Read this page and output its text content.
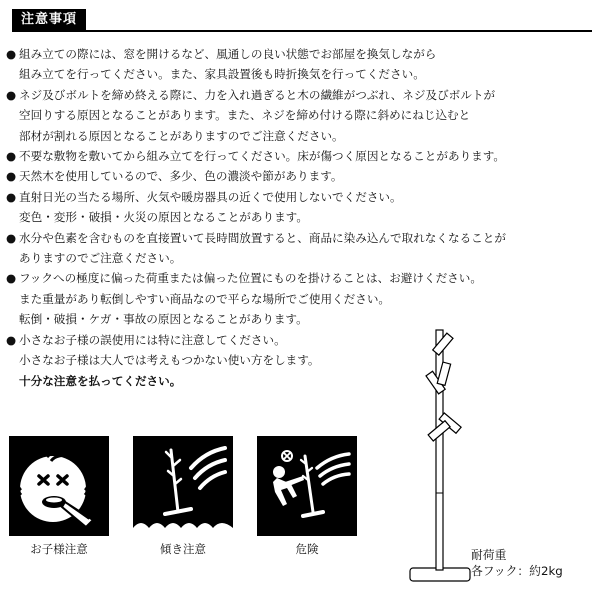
注意事項
● 組み立ての際には、窓を開けるなど、風通しの良い状態でお部屋を換気しながら
組み立てを行ってください。また、家具設置後も時折換気を行ってください。
● ネジ及びボルトを締め終える際に、力を入れ過ぎると木の繊維がつぶれ、ネジ及びボルトが
空回りする原因となることがあります。また、ネジを締め付ける際に斜めにねじ込むと
部材が割れる原因となることがありますのでご注意ください。
● 不要な敷物を敷いてから組み立てを行ってください。床が傷つく原因となることがあります。
● 天然木を使用しているので、多少、色の濃淡や節があります。
● 直射日光の当たる場所、火気や暖房器具の近くで使用しないでください。
変色・変形・破損・火災の原因となることがあります。
● 水分や色素を含むものを直接置いて長時間放置すると、商品に染み込んで取れなくなることが
ありますのでご注意ください。
● フックへの極度に偏った荷重または偏った位置にものを掛けることは、お避けください。
また重量があり転倒しやすい商品なので平らな場所でご使用ください。
転倒・破損・ケガ・事故の原因となることがあります。
● 小さなお子様の誤使用には特に注意してください。
小さなお子様は大人では考えもつかない使い方をします。
十分な注意を払ってください。
お子様注意	傾き注意	危険	耐荷重
各フック：約2kg
